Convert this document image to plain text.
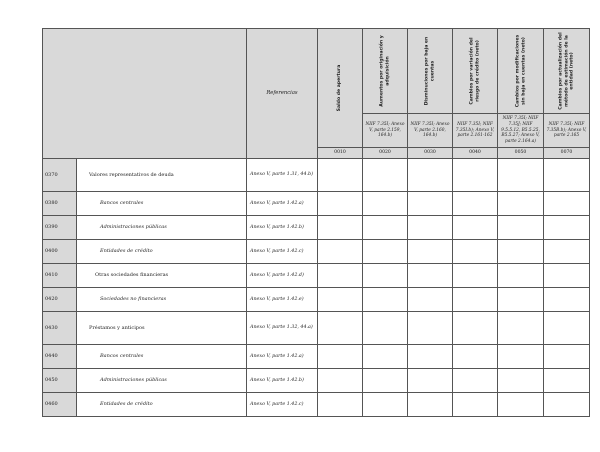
		Referencias	Saldo de apertura	Aumentos por originación y adquisición	Disminuciones por baja en cuentas	Cambios por variación del riesgo de crédito (neto)	Cambios por modificaciones sin baja en cuentas (neto)	Cambios por actualización del método de estimación de la entidad (neto)

				NIIF 7.35I; Anexo V, parte 2.159, 164.b)	NIIF 7.35I; Anexo V, parte 2.160, 164.b)	NIIF 7.35I; NIIF 7.35I.b); Anexo V, parte 2.161-162	NIIF 7.35I; NIIF 7.35J; NIIF 9.5.5.12, B5.5.25, B5.5.27; Anexo V, parte 2.164.a)	NIIF 7.35I; NIIF 7.35B.b); Anexo V, parte 2.165
			0010	0020	0030	0040	0050	0070
0370	Valores representativos de deuda	Anexo V, parte 1.31, 44.b)						
0380	Bancos centrales	Anexo V, parte 1.42.a)						
0390	Administraciones públicas	Anexo V, parte 1.42.b)						
0400	Entidades de crédito	Anexo V, parte 1.42.c)						
0410	Otras sociedades financieras	Anexo V, parte 1.42.d)						
0420	Sociedades no financieras	Anexo V, parte 1.42.e)						
0430	Préstamos y anticipos	Anexo V, parte 1.32, 44.a)						
0440	Bancos centrales	Anexo V, parte 1.42.a)						
0450	Administraciones públicas	Anexo V, parte 1.42.b)						
0460	Entidades de crédito	Anexo V, parte 1.42.c)						
